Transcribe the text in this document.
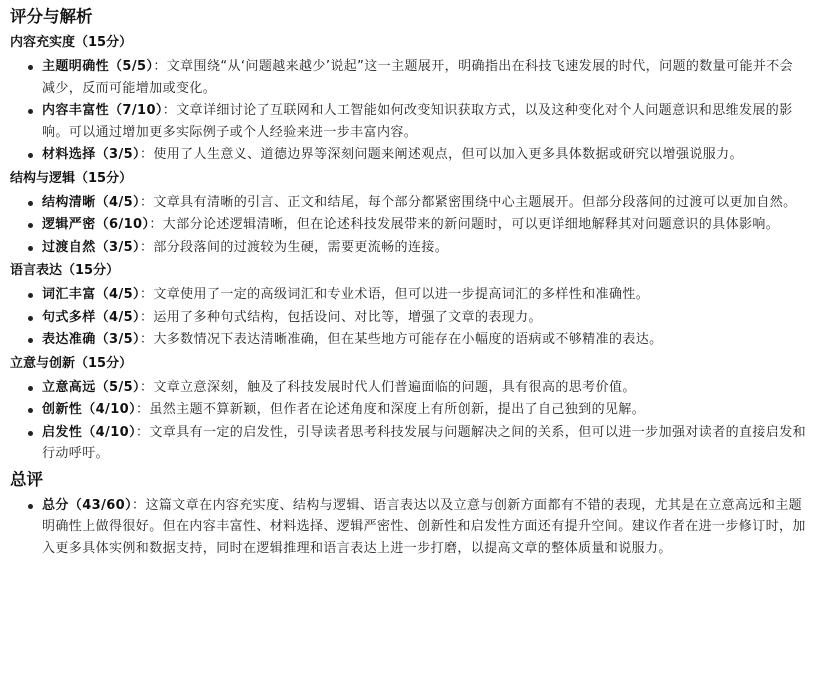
评分与解析
内容充实度（15分）
主题明确性（5/5）：文章围绕“从‘问题越来越少’说起”这一主题展开，明确指出在科技飞速发展的时代，问题的数量可能并不会减少，反而可能增加或变化。
内容丰富性（7/10）：文章详细讨论了互联网和人工智能如何改变知识获取方式，以及这种变化对个人问题意识和思维发展的影响。可以通过增加更多实际例子或个人经验来进一步丰富内容。
材料选择（3/5）：使用了人生意义、道德边界等深刻问题来阐述观点，但可以加入更多具体数据或研究以增强说服力。
结构与逻辑（15分）
结构清晰（4/5）：文章具有清晰的引言、正文和结尾，每个部分都紧密围绕中心主题展开。但部分段落间的过渡可以更加自然。
逻辑严密（6/10）：大部分论述逻辑清晰，但在论述科技发展带来的新问题时，可以更详细地解释其对问题意识的具体影响。
过渡自然（3/5）：部分段落间的过渡较为生硬，需要更流畅的连接。
语言表达（15分）
词汇丰富（4/5）：文章使用了一定的高级词汇和专业术语，但可以进一步提高词汇的多样性和准确性。
句式多样（4/5）：运用了多种句式结构，包括设问、对比等，增强了文章的表现力。
表达准确（3/5）：大多数情况下表达清晰准确，但在某些地方可能存在小幅度的语病或不够精准的表达。
立意与创新（15分）
立意高远（5/5）：文章立意深刻，触及了科技发展时代人们普遍面临的问题，具有很高的思考价值。
创新性（4/10）：虽然主题不算新颖，但作者在论述角度和深度上有所创新，提出了自己独到的见解。
启发性（4/10）：文章具有一定的启发性，引导读者思考科技发展与问题解决之间的关系，但可以进一步加强对读者的直接启发和行动呼吁。
总评
总分（43/60）：这篇文章在内容充实度、结构与逻辑、语言表达以及立意与创新方面都有不错的表现，尤其是在立意高远和主题明确性上做得很好。但在内容丰富性、材料选择、逻辑严密性、创新性和启发性方面还有提升空间。建议作者在进一步修订时，加入更多具体实例和数据支持，同时在逻辑推理和语言表达上进一步打磨，以提高文章的整体质量和说服力。
